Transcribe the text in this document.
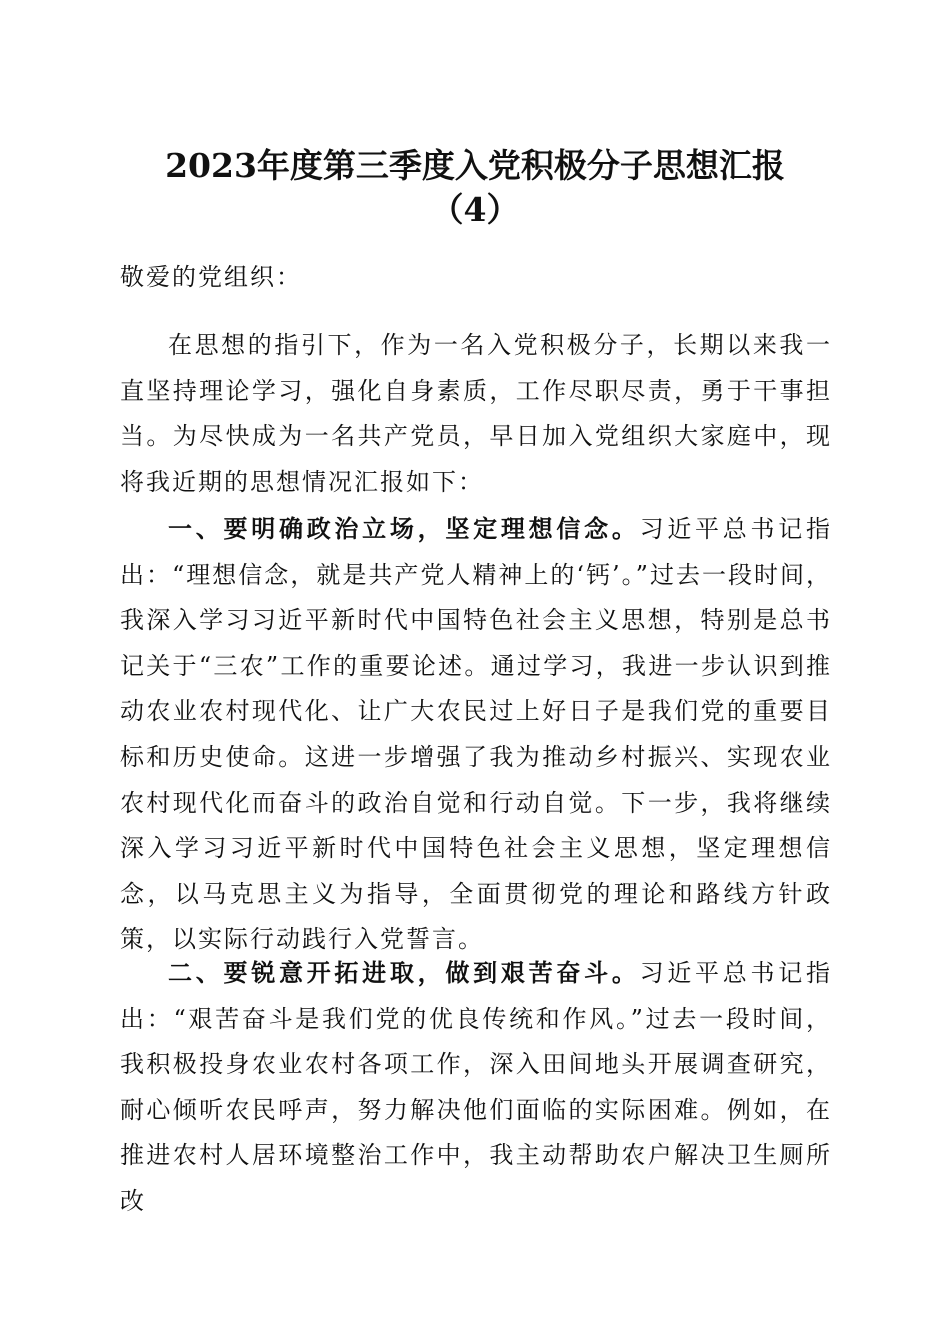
2023年度第三季度入党积极分子思想汇报
（4）
敬爱的党组织：

在思想的指引下，作为一名入党积极分子，长期以来我一直坚持理论学习，强化自身素质，工作尽职尽责，勇于干事担当。为尽快成为一名共产党员，早日加入党组织大家庭中，现将我近期的思想情况汇报如下：

一、要明确政治立场，坚定理想信念。习近平总书记指出：“理想信念，就是共产党人精神上的‘钙’。”过去一段时间，我深入学习习近平新时代中国特色社会主义思想，特别是总书记关于“三农”工作的重要论述。通过学习，我进一步认识到推动农业农村现代化、让广大农民过上好日子是我们党的重要目标和历史使命。这进一步增强了我为推动乡村振兴、实现农业农村现代化而奋斗的政治自觉和行动自觉。下一步，我将继续深入学习习近平新时代中国特色社会主义思想，坚定理想信念，以马克思主义为指导，全面贯彻党的理论和路线方针政策，以实际行动践行入党誓言。

二、要锐意开拓进取，做到艰苦奋斗。习近平总书记指出：“艰苦奋斗是我们党的优良传统和作风。”过去一段时间，我积极投身农业农村各项工作，深入田间地头开展调查研究，耐心倾听农民呼声，努力解决他们面临的实际困难。例如，在推进农村人居环境整治工作中，我主动帮助农户解决卫生厕所改
